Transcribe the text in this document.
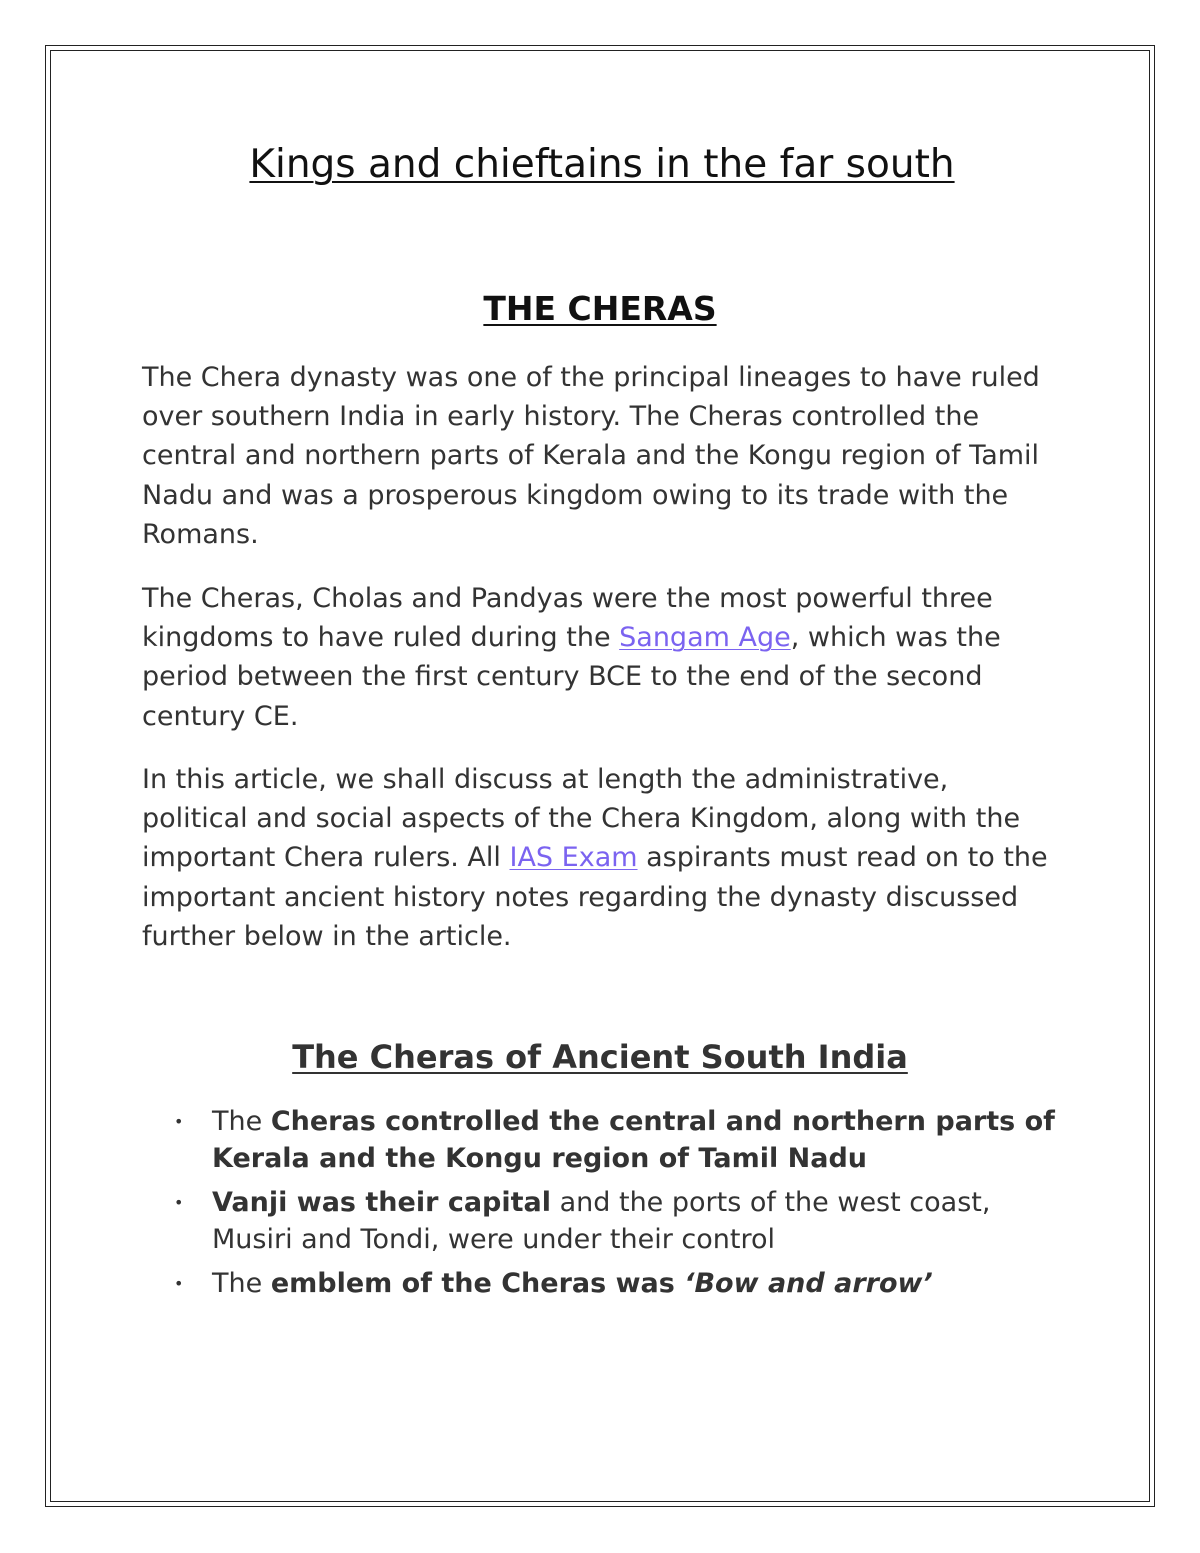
Kings and chieftains in the far south
THE CHERAS

The Chera dynasty was one of the principal lineages to have ruled over southern India in early history. The Cheras controlled the central and northern parts of Kerala and the Kongu region of Tamil Nadu and was a prosperous kingdom owing to its trade with the Romans.

The Cheras, Cholas and Pandyas were the most powerful three kingdoms to have ruled during the Sangam Age, which was the period between the first century BCE to the end of the second century CE.

In this article, we shall discuss at length the administrative, political and social aspects of the Chera Kingdom, along with the important Chera rulers. All IAS Exam aspirants must read on to the important ancient history notes regarding the dynasty discussed further below in the article.

The Cheras of Ancient South India
• The Cheras controlled the central and northern parts of Kerala and the Kongu region of Tamil Nadu
• Vanji was their capital and the ports of the west coast, Musiri and Tondi, were under their control
• The emblem of the Cheras was ‘Bow and arrow’
